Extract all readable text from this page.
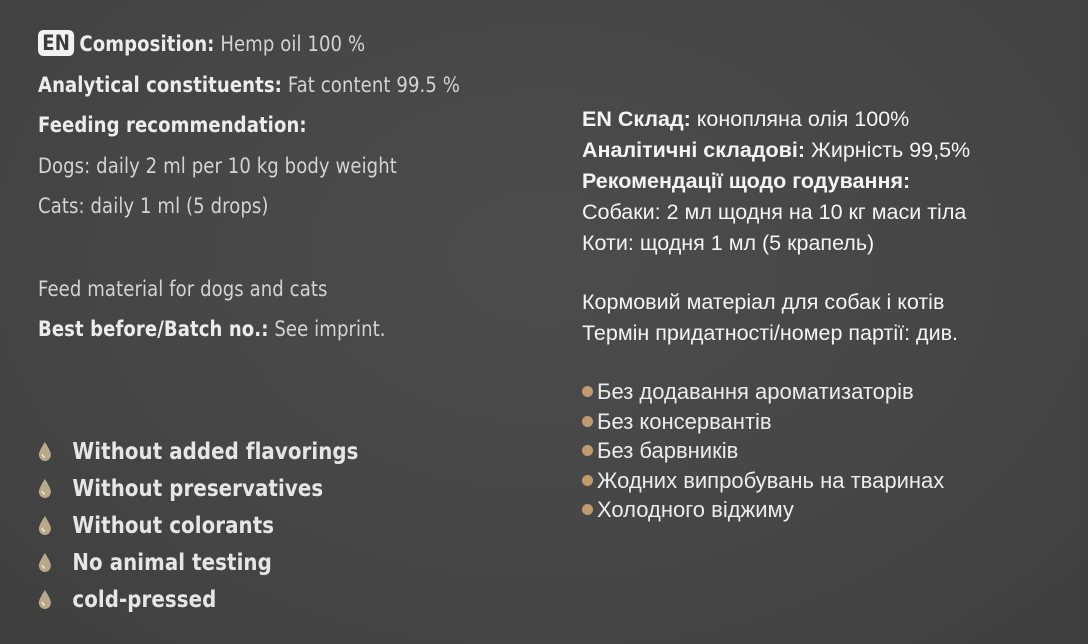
EN Composition: Hemp oil 100 %
Analytical constituents: Fat content 99.5 %
Feeding recommendation:
Dogs: daily 2 ml per 10 kg body weight
Cats: daily 1 ml (5 drops)
Feed material for dogs and cats
Best before/Batch no.: See imprint.
Without added flavorings
Without preservatives
Without colorants
No animal testing
cold-pressed
EN Склад: конопляна олія 100%
Аналітичні складові: Жирність 99,5%
Рекомендації щодо годування:
Собаки: 2 мл щодня на 10 кг маси тіла
Коти: щодня 1 мл (5 крапель)
Кормовий матеріал для собак і котів
Термін придатності/номер партії: див.
Без додавання ароматизаторів
Без консервантів
Без барвників
Жодних випробувань на тваринах
Холодного віджиму
